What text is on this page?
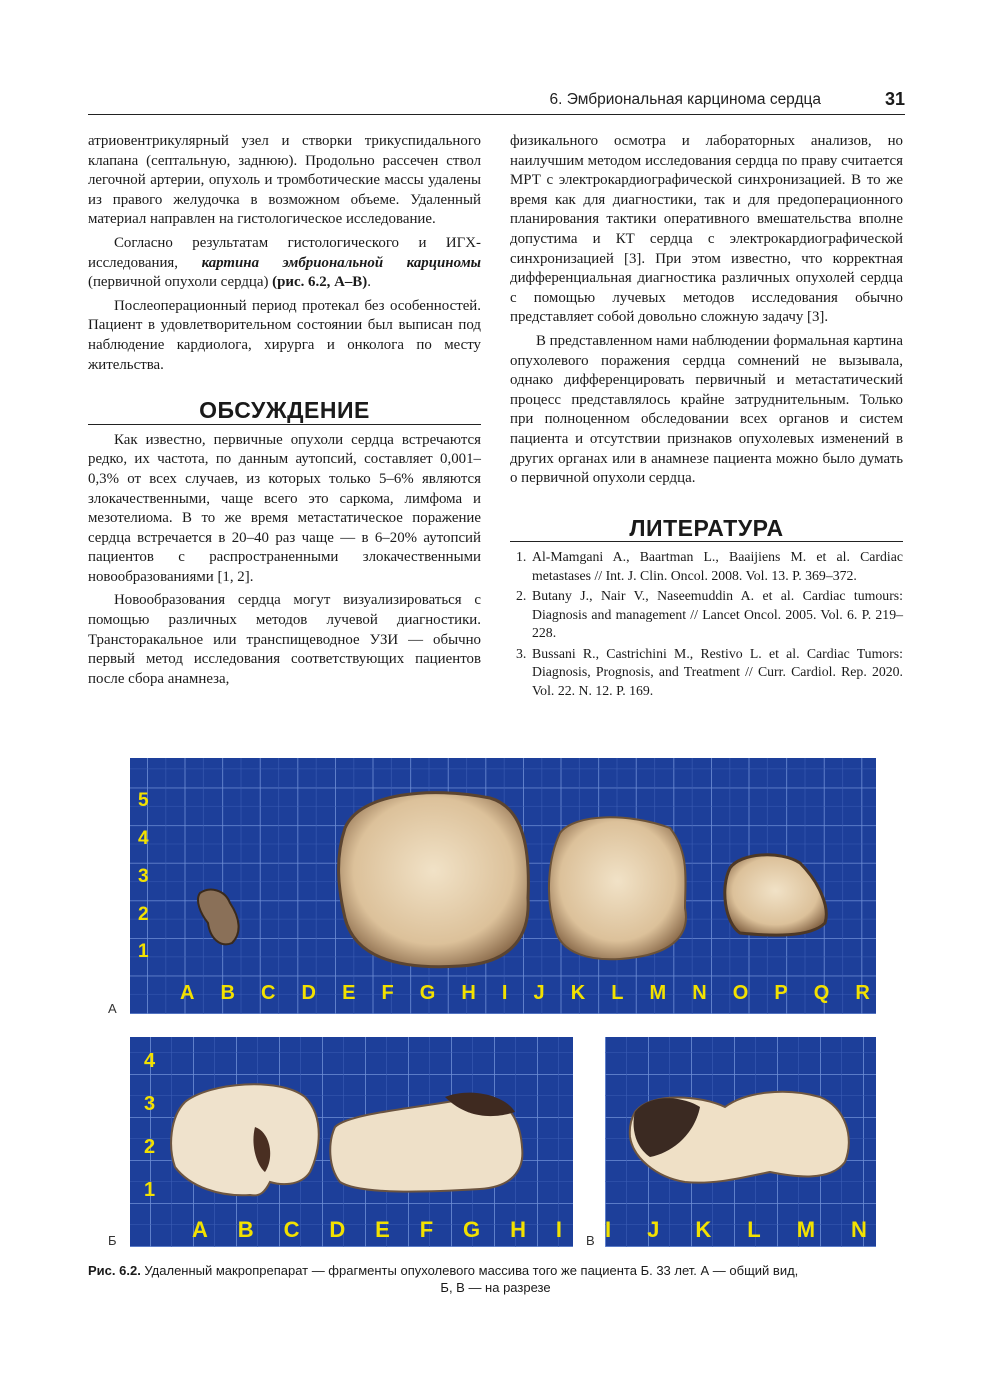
6. Эмбриональная карцинома сердца	31

атриовентрикулярный узел и створки трикуспидального клапана (септальную, заднюю). Продольно рассечен ствол легочной артерии, опухоль и тромботические массы удалены из правого желудочка в возможном объеме. Удаленный материал направлен на гистологическое исследование.

Согласно результатам гистологического и ИГХ-исследования, картина эмбриональной карциномы (первичной опухоли сердца) (рис. 6.2, А–В).

Послеоперационный период протекал без особенностей. Пациент в удовлетворительном состоянии был выписан под наблюдение кардиолога, хирурга и онколога по месту жительства.

ОБСУЖДЕНИЕ

Как известно, первичные опухоли сердца встречаются редко, их частота, по данным аутопсий, составляет 0,001–0,3% от всех случаев, из которых только 5–6% являются злокачественными, чаще всего это саркома, лимфома и мезотелиома. В то же время метастатическое поражение сердца встречается в 20–40 раз чаще — в 6–20% аутопсий пациентов с распространенными злокачественными новообразованиями [1, 2].

Новообразования сердца могут визуализироваться с помощью различных методов лучевой диагностики. Трансторакальное или транспищеводное УЗИ — обычно первый метод исследования соответствующих пациентов после сбора анамнеза,

физикального осмотра и лабораторных анализов, но наилучшим методом исследования сердца по праву считается МРТ с электрокардиографической синхронизацией. В то же время как для диагностики, так и для предоперационного планирования тактики оперативного вмешательства вполне допустима и КТ сердца с электрокардиографической синхронизацией [3]. При этом известно, что корректная дифференциальная диагностика различных опухолей сердца с помощью лучевых методов исследования обычно представляет собой довольно сложную задачу [3].

В представленном нами наблюдении формальная картина опухолевого поражения сердца сомнений не вызывала, однако дифференцировать первичный и метастатический процесс представлялось крайне затруднительным. Только при полноценном обследовании всех органов и систем пациента и отсутствии признаков опухолевых изменений в других органах или в анамнезе пациента можно было думать о первичной опухоли сердца.

ЛИТЕРАТУРА
1. Al-Mamgani A., Baartman L., Baaijiens M. et al. Cardiac metastases // Int. J. Clin. Oncol. 2008. Vol. 13. P. 369–372.
2. Butany J., Nair V., Naseemuddin A. et al. Cardiac tumours: Diagnosis and management // Lancet Oncol. 2005. Vol. 6. P. 219–228.
3. Bussani R., Castrichini M., Restivo L. et al. Cardiac Tumors: Diagnosis, Prognosis, and Treatment // Curr. Cardiol. Rep. 2020. Vol. 22. N. 12. P. 169.
1
2
3
4
5
A B C D E F G H I J K L M N O P Q R
А
1
2
3
4
A B C D E F G H I
Б	I J K L M N
В
Рис. 6.2. Удаленный макропрепарат — фрагменты опухолевого массива того же пациента Б. 33 лет. А — общий вид,
Б, В — на разрезе
